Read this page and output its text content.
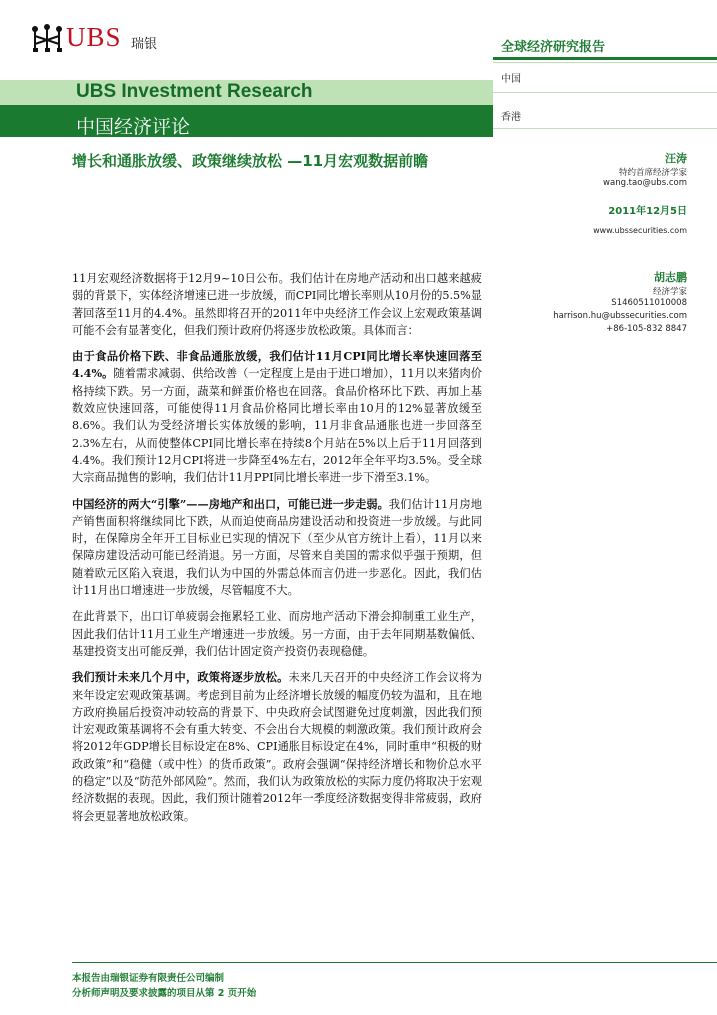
UBS 瑞银
UBS Investment Research
中国经济评论
全球经济研究报告
中国
香港
增长和通胀放缓、政策继续放松 —11月宏观数据前瞻	汪涛
特约首席经济学家
wang.tao@ubs.com
2011年12月5日
www.ubssecurities.com
胡志鹏
经济学家
S1460511010008
harrison.hu@ubssecurities.com
+86-105-832 8847

11月宏观经济数据将于12月9~10日公布。我们估计在房地产活动和出口越来越疲弱的背景下，实体经济增速已进一步放缓，而CPI同比增长率则从10月份的5.5%显著回落至11月的4.4%。虽然即将召开的2011年中央经济工作会议上宏观政策基调可能不会有显著变化，但我们预计政府仍将逐步放松政策。具体而言：

由于食品价格下跌、非食品通胀放缓，我们估计11月CPI同比增长率快速回落至4.4%。随着需求减弱、供给改善（一定程度上是由于进口增加），11月以来猪肉价格持续下跌。另一方面，蔬菜和鲜蛋价格也在回落。食品价格环比下跌、再加上基数效应快速回落，可能使得11月食品价格同比增长率由10月的12%显著放缓至8.6%。我们认为受经济增长实体放缓的影响，11月非食品通胀也进一步回落至2.3%左右，从而使整体CPI同比增长率在持续8个月站在5%以上后于11月回落到4.4%。我们预计12月CPI将进一步降至4%左右，2012年全年平均3.5%。受全球大宗商品抛售的影响，我们估计11月PPI同比增长率进一步下滑至3.1%。

中国经济的两大“引擎”——房地产和出口，可能已进一步走弱。我们估计11月房地产销售面积将继续同比下跌，从而迫使商品房建设活动和投资进一步放缓。与此同时，在保障房全年开工目标业已实现的情况下（至少从官方统计上看），11月以来保障房建设活动可能已经消退。另一方面，尽管来自美国的需求似乎强于预期，但随着欧元区陷入衰退，我们认为中国的外需总体而言仍进一步恶化。因此，我们估计11月出口增速进一步放缓，尽管幅度不大。

在此背景下，出口订单疲弱会拖累轻工业、而房地产活动下滑会抑制重工业生产，因此我们估计11月工业生产增速进一步放缓。另一方面，由于去年同期基数偏低、基建投资支出可能反弹，我们估计固定资产投资仍表现稳健。

我们预计未来几个月中，政策将逐步放松。未来几天召开的中央经济工作会议将为来年设定宏观政策基调。考虑到目前为止经济增长放缓的幅度仍较为温和，且在地方政府换届后投资冲动较高的背景下、中央政府会试图避免过度刺激，因此我们预计宏观政策基调将不会有重大转变、不会出台大规模的刺激政策。我们预计政府会将2012年GDP增长目标设定在8%、CPI通胀目标设定在4%，同时重申“积极的财政政策”和“稳健（或中性）的货币政策”。政府会强调“保持经济增长和物价总水平的稳定”以及“防范外部风险”。然而，我们认为政策放松的实际力度仍将取决于宏观经济数据的表现。因此，我们预计随着2012年一季度经济数据变得非常疲弱，政府将会更显著地放松政策。

本报告由瑞银证券有限责任公司编制
分析师声明及要求披露的项目从第 2 页开始
